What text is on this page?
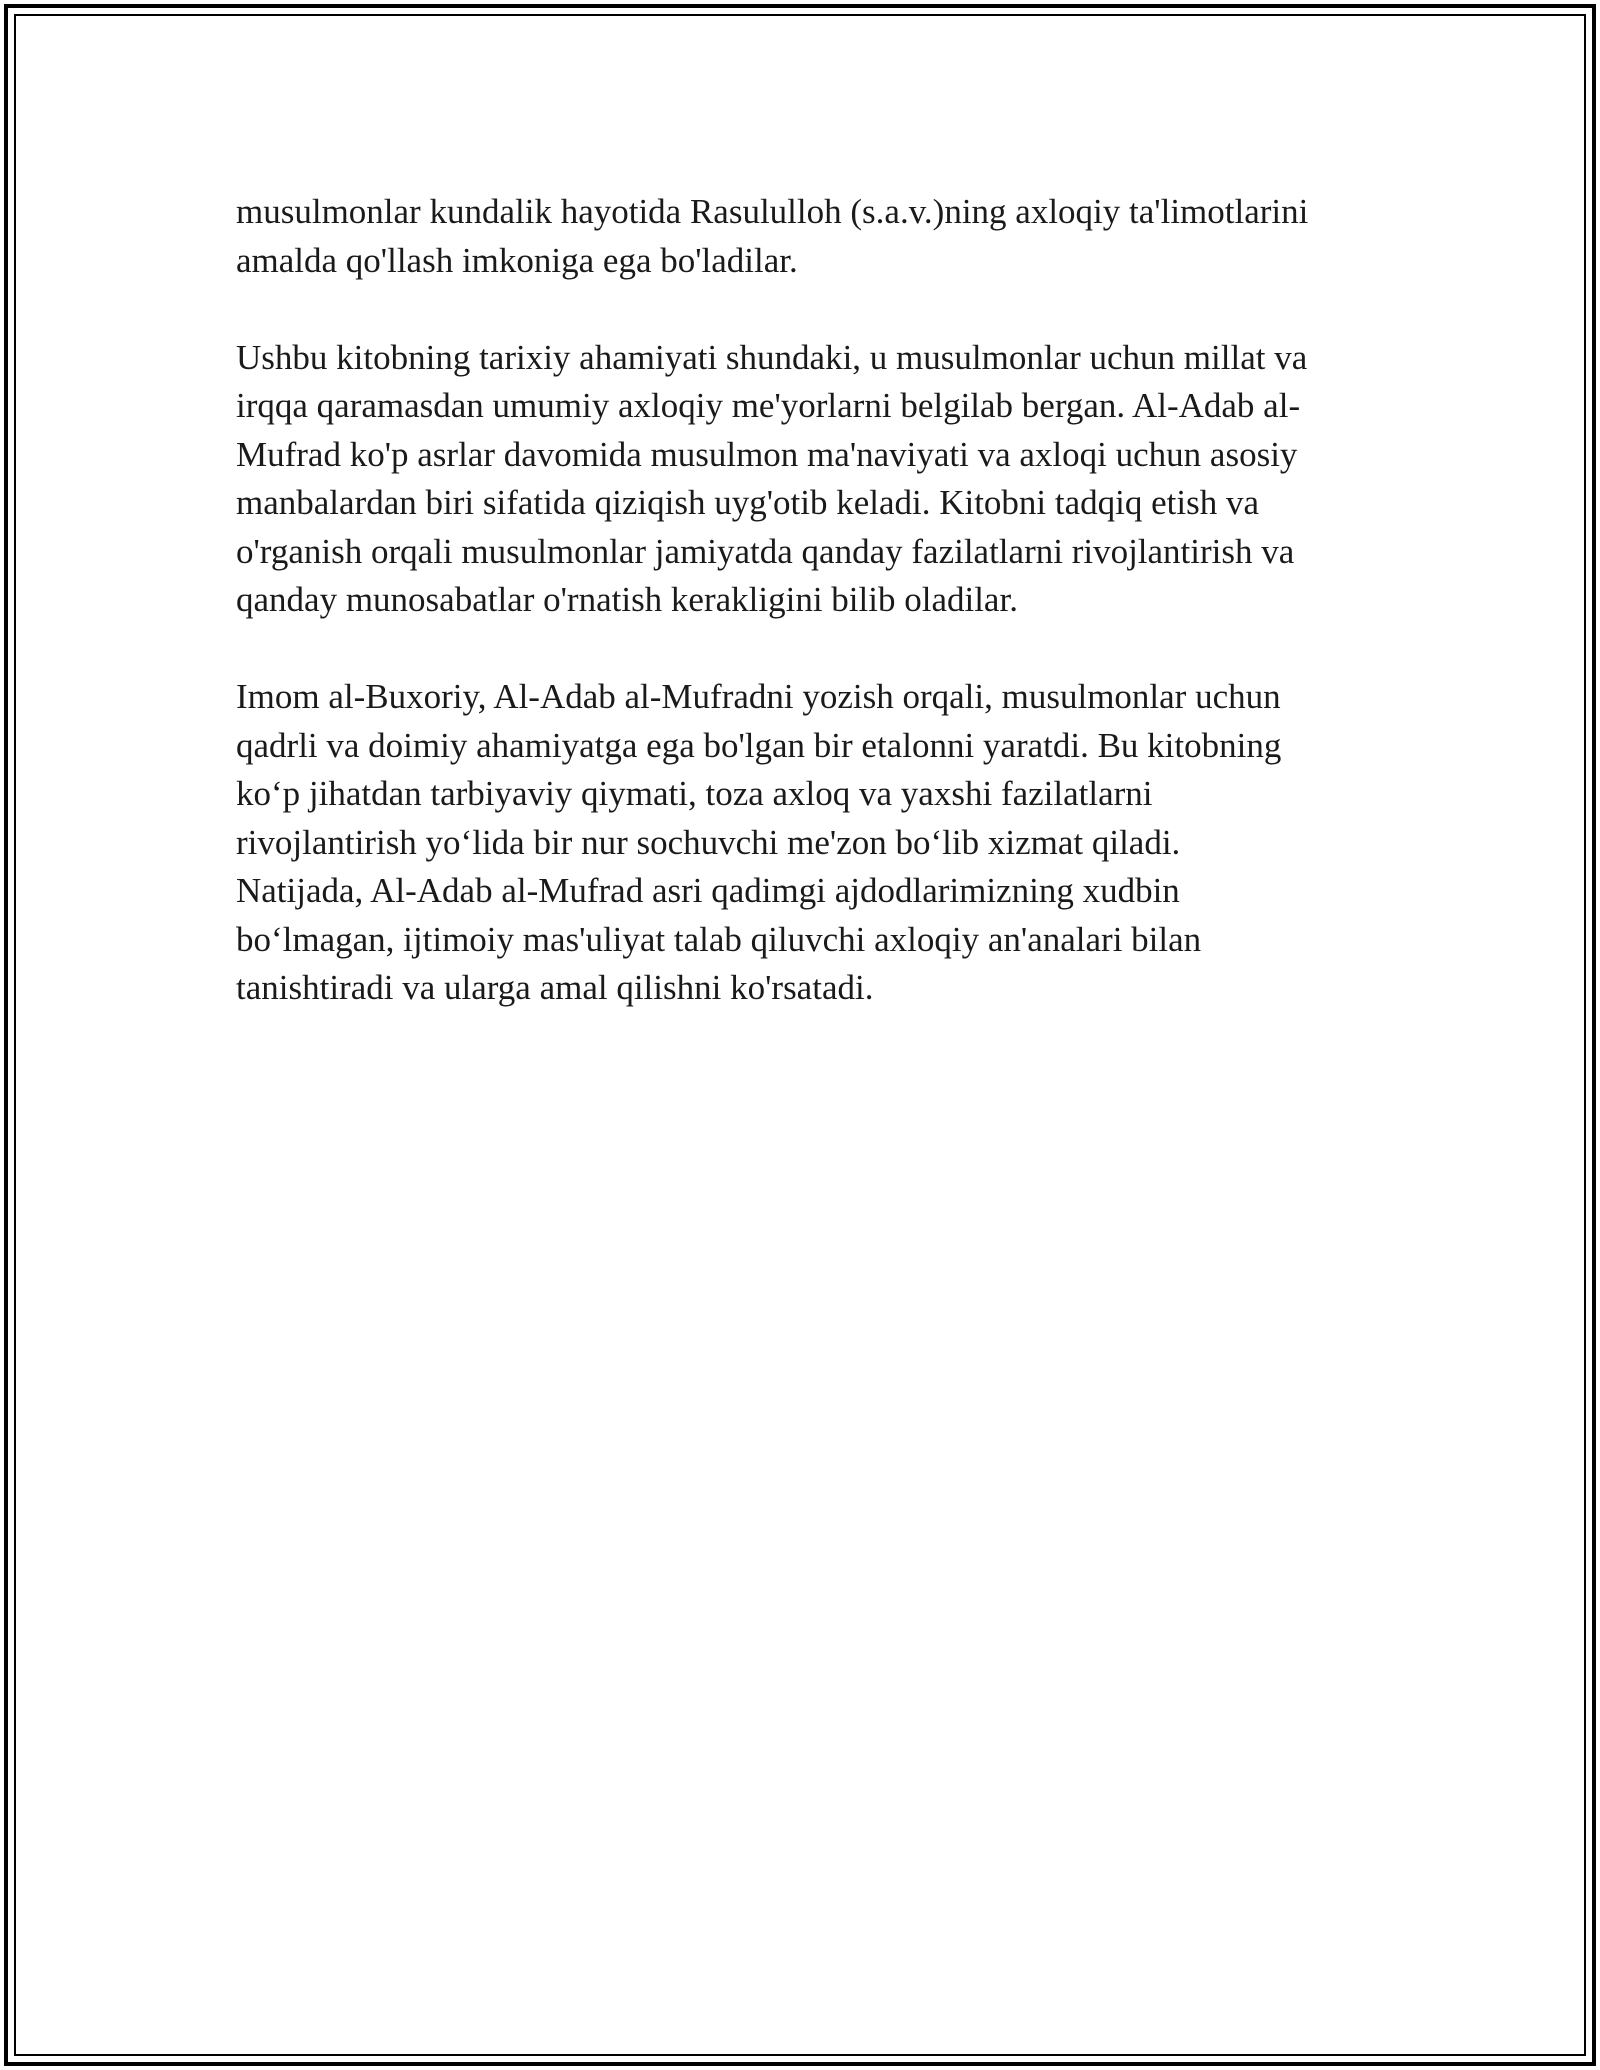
musulmonlar kundalik hayotida Rasululloh (s.a.v.)ning axloqiy ta'limotlarini
amalda qo'llash imkoniga ega bo'ladilar.

Ushbu kitobning tarixiy ahamiyati shundaki, u musulmonlar uchun millat va
irqqa qaramasdan umumiy axloqiy me'yorlarni belgilab bergan. Al-Adab al-
Mufrad ko'p asrlar davomida musulmon ma'naviyati va axloqi uchun asosiy
manbalardan biri sifatida qiziqish uyg'otib keladi. Kitobni tadqiq etish va
o'rganish orqali musulmonlar jamiyatda qanday fazilatlarni rivojlantirish va
qanday munosabatlar o'rnatish kerakligini bilib oladilar.

Imom al-Buxoriy, Al-Adab al-Mufradni yozish orqali, musulmonlar uchun
qadrli va doimiy ahamiyatga ega bo'lgan bir etalonni yaratdi. Bu kitobning
koʻp jihatdan tarbiyaviy qiymati, toza axloq va yaxshi fazilatlarni
rivojlantirish yoʻlida bir nur sochuvchi me'zon boʻlib xizmat qiladi.
Natijada, Al-Adab al-Mufrad asri qadimgi ajdodlarimizning xudbin
boʻlmagan, ijtimoiy mas'uliyat talab qiluvchi axloqiy an'analari bilan
tanishtiradi va ularga amal qilishni ko'rsatadi.
